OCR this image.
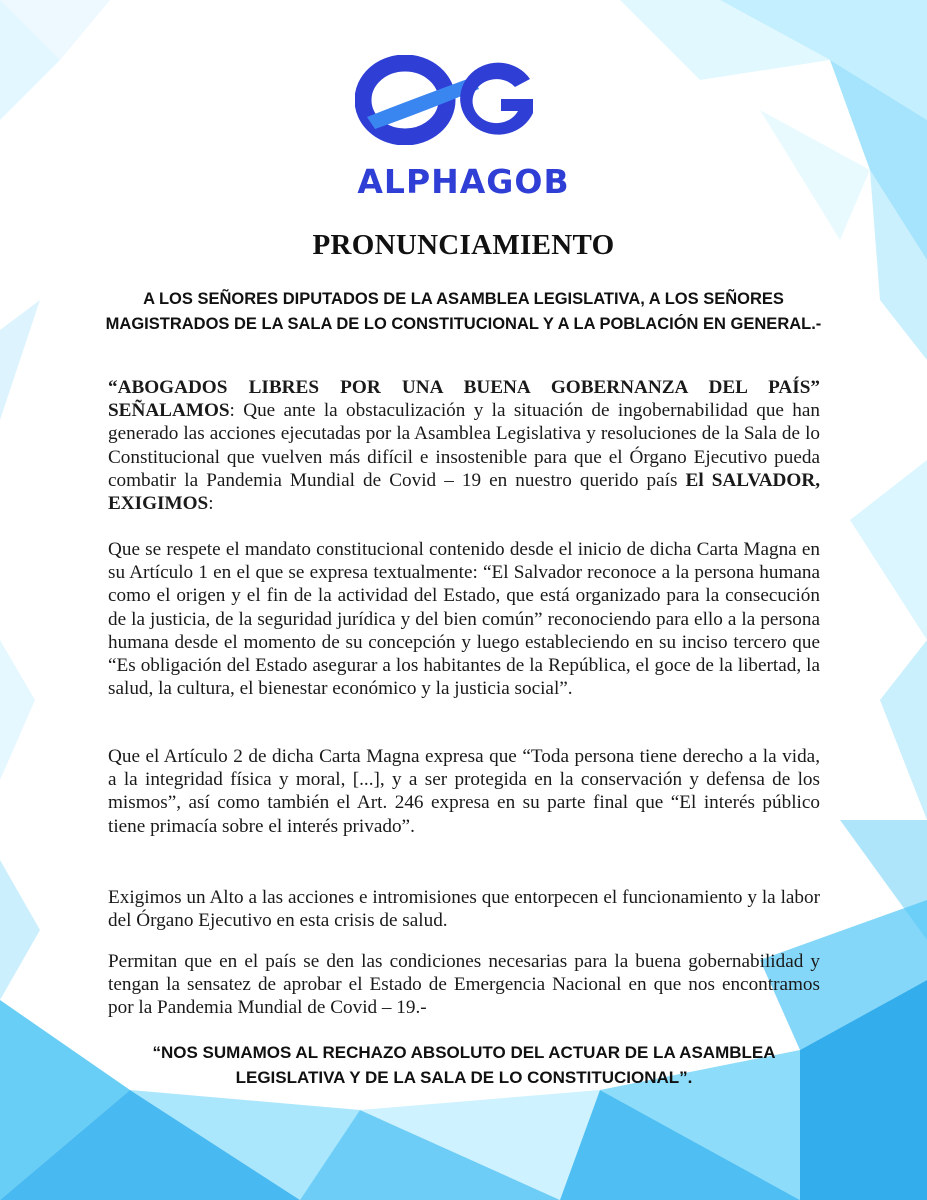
ALPHAGOB
PRONUNCIAMIENTO
A LOS SEÑORES DIPUTADOS DE LA ASAMBLEA LEGISLATIVA, A LOS SEÑORES MAGISTRADOS DE LA SALA DE LO CONSTITUCIONAL Y A LA POBLACIÓN EN GENERAL.-
“ABOGADOS LIBRES POR UNA BUENA GOBERNANZA DEL PAÍS” SEÑALAMOS: Que ante la obstaculización y la situación de ingobernabilidad que han generado las acciones ejecutadas por la Asamblea Legislativa y resoluciones de la Sala de lo Constitucional que vuelven más difícil e insostenible para que el Órgano Ejecutivo pueda combatir la Pandemia Mundial de Covid – 19 en nuestro querido país El SALVADOR, EXIGIMOS:
Que se respete el mandato constitucional contenido desde el inicio de dicha Carta Magna en su Artículo 1 en el que se expresa textualmente: “El Salvador reconoce a la persona humana como el origen y el fin de la actividad del Estado, que está organizado para la consecución de la justicia, de la seguridad jurídica y del bien común” reconociendo para ello a la persona humana desde el momento de su concepción y luego estableciendo en su inciso tercero que “Es obligación del Estado asegurar a los habitantes de la República, el goce de la libertad, la salud, la cultura, el bienestar económico y la justicia social”.
Que el Artículo 2 de dicha Carta Magna expresa que “Toda persona tiene derecho a la vida, a la integridad física y moral, [...], y a ser protegida en la conservación y defensa de los mismos”, así como también el Art. 246 expresa en su parte final que “El interés público tiene primacía sobre el interés privado”.
Exigimos un Alto a las acciones e intromisiones que entorpecen el funcionamiento y la labor del Órgano Ejecutivo en esta crisis de salud.
Permitan que en el país se den las condiciones necesarias para la buena gobernabilidad y tengan la sensatez de aprobar el Estado de Emergencia Nacional en que nos encontramos por la Pandemia Mundial de Covid – 19.-
“NOS SUMAMOS AL RECHAZO ABSOLUTO DEL ACTUAR DE LA ASAMBLEA LEGISLATIVA Y DE LA SALA DE LO CONSTITUCIONAL”.
